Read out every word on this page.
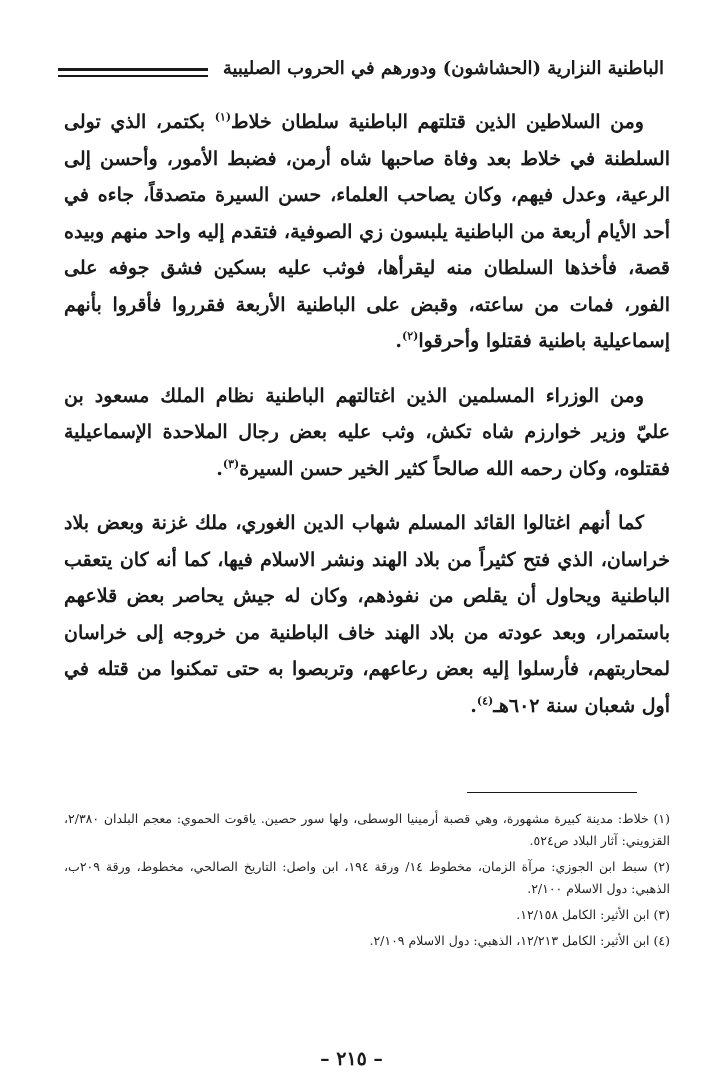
الباطنية النزارية (الحشاشون) ودورهم في الحروب الصليبية

ومن السلاطين الذين قتلتهم الباطنية سلطان خلاط$^{(١)}$ بكتمر، الذي تولى السلطنة في خلاط بعد وفاة صاحبها شاه أرمن، فضبط الأمور، وأحسن إلى الرعية، وعدل فيهم، وكان يصاحب العلماء، حسن السيرة متصدقاً، جاءه في أحد الأيام أربعة من الباطنية يلبسون زي الصوفية، فتقدم إليه واحد منهم وبيده قصة، فأخذها السلطان منه ليقرأها، فوثب عليه بسكين فشق جوفه على الفور، فمات من ساعته، وقبض على الباطنية الأربعة فقرروا فأقروا بأنهم إسماعيلية باطنية فقتلوا وأحرقوا$^{(٢)}$.

ومن الوزراء المسلمين الذين اغتالتهم الباطنية نظام الملك مسعود بن عليّ وزير خوارزم شاه تكش، وثب عليه بعض رجال الملاحدة الإسماعيلية فقتلوه، وكان رحمه الله صالحاً كثير الخير حسن السيرة$^{(٣)}$.

كما أنهم اغتالوا القائد المسلم شهاب الدين الغوري، ملك غزنة وبعض بلاد خراسان، الذي فتح كثيراً من بلاد الهند ونشر الاسلام فيها، كما أنه كان يتعقب الباطنية ويحاول أن يقلص من نفوذهم، وكان له جيش يحاصر بعض قلاعهم باستمرار، وبعد عودته من بلاد الهند خاف الباطنية من خروجه إلى خراسان لمحاربتهم، فأرسلوا إليه بعض رعاعهم، وتربصوا به حتى تمكنوا من قتله في أول شعبان سنة ٦٠٢هـ$^{(٤)}$.

(١) خلاط: مدينة كبيرة مشهورة، وهي قصبة أرمينيا الوسطى، ولها سور حصين. ياقوت الحموي: معجم البلدان ٢/٣٨٠، القزويني: آثار البلاد ص٥٢٤.
(٢) سبط ابن الجوزي: مرآة الزمان، مخطوط ١٤/ ورقة ١٩٤، ابن واصل: التاريخ الصالحي، مخطوط، ورقة ٢٠٩ب، الذهبي: دول الاسلام ٢/١٠٠.
(٣) ابن الأثير: الكامل ١٢/١٥٨.
(٤) ابن الأثير: الكامل ١٢/٢١٣، الذهبي: دول الاسلام ٢/١٠٩.
– ٢١٥ –
